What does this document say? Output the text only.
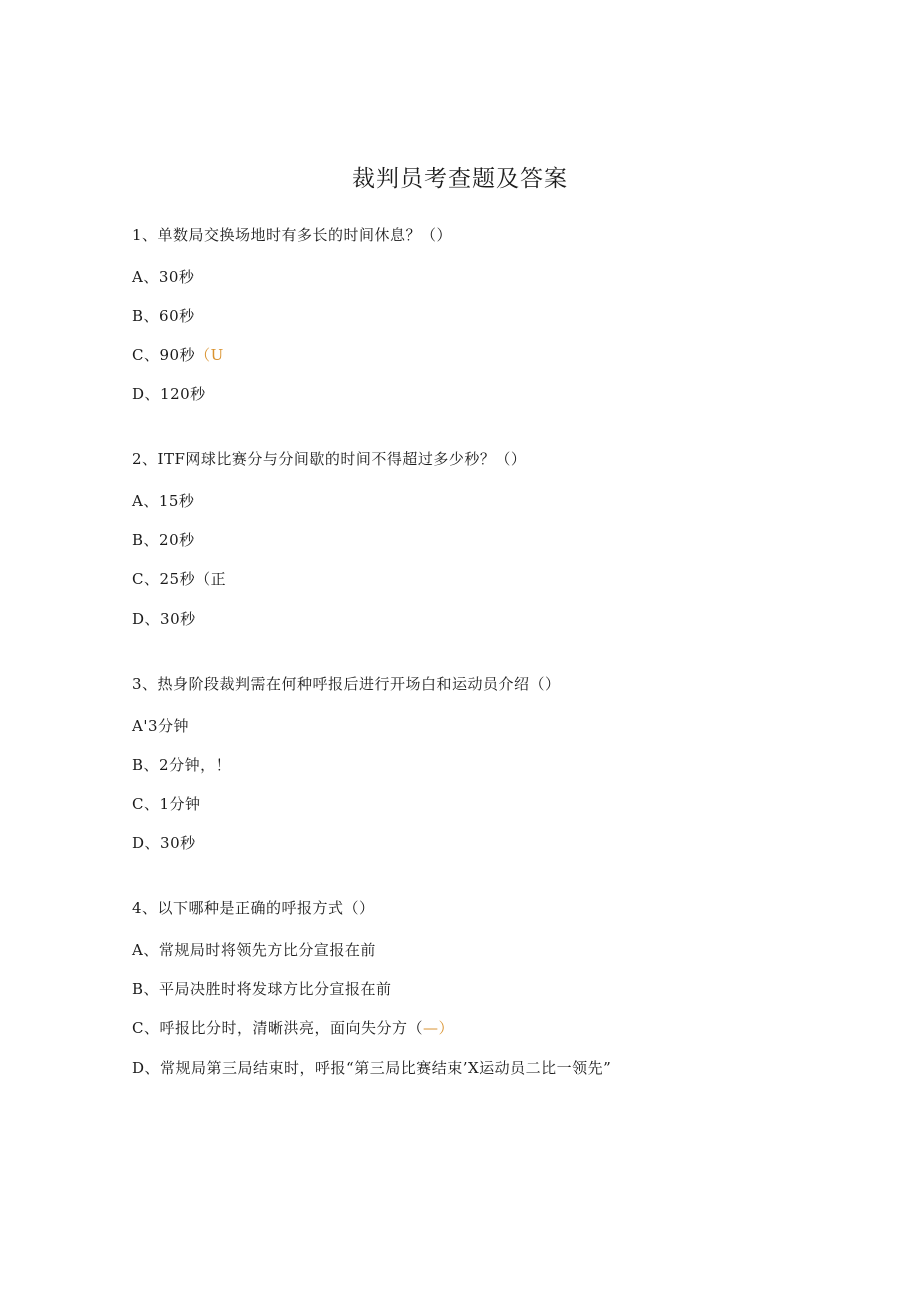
裁判员考查题及答案
1、单数局交换场地时有多长的时间休息？（）
A、30秒
B、60秒
C、90秒（U
D、120秒
2、ITF网球比赛分与分间歇的时间不得超过多少秒？（）
A、15秒
B、20秒
C、25秒（正
D、30秒
3、热身阶段裁判需在何种呼报后进行开场白和运动员介绍（）
A'3分钟
B、2分钟，！
C、1分钟
D、30秒
4、以下哪种是正确的呼报方式（）
A、常规局时将领先方比分宣报在前
B、平局决胜时将发球方比分宣报在前
C、呼报比分时，清晰洪亮，面向失分方（—）
D、常规局第三局结束时，呼报“第三局比赛结束’X运动员二比一领先”
